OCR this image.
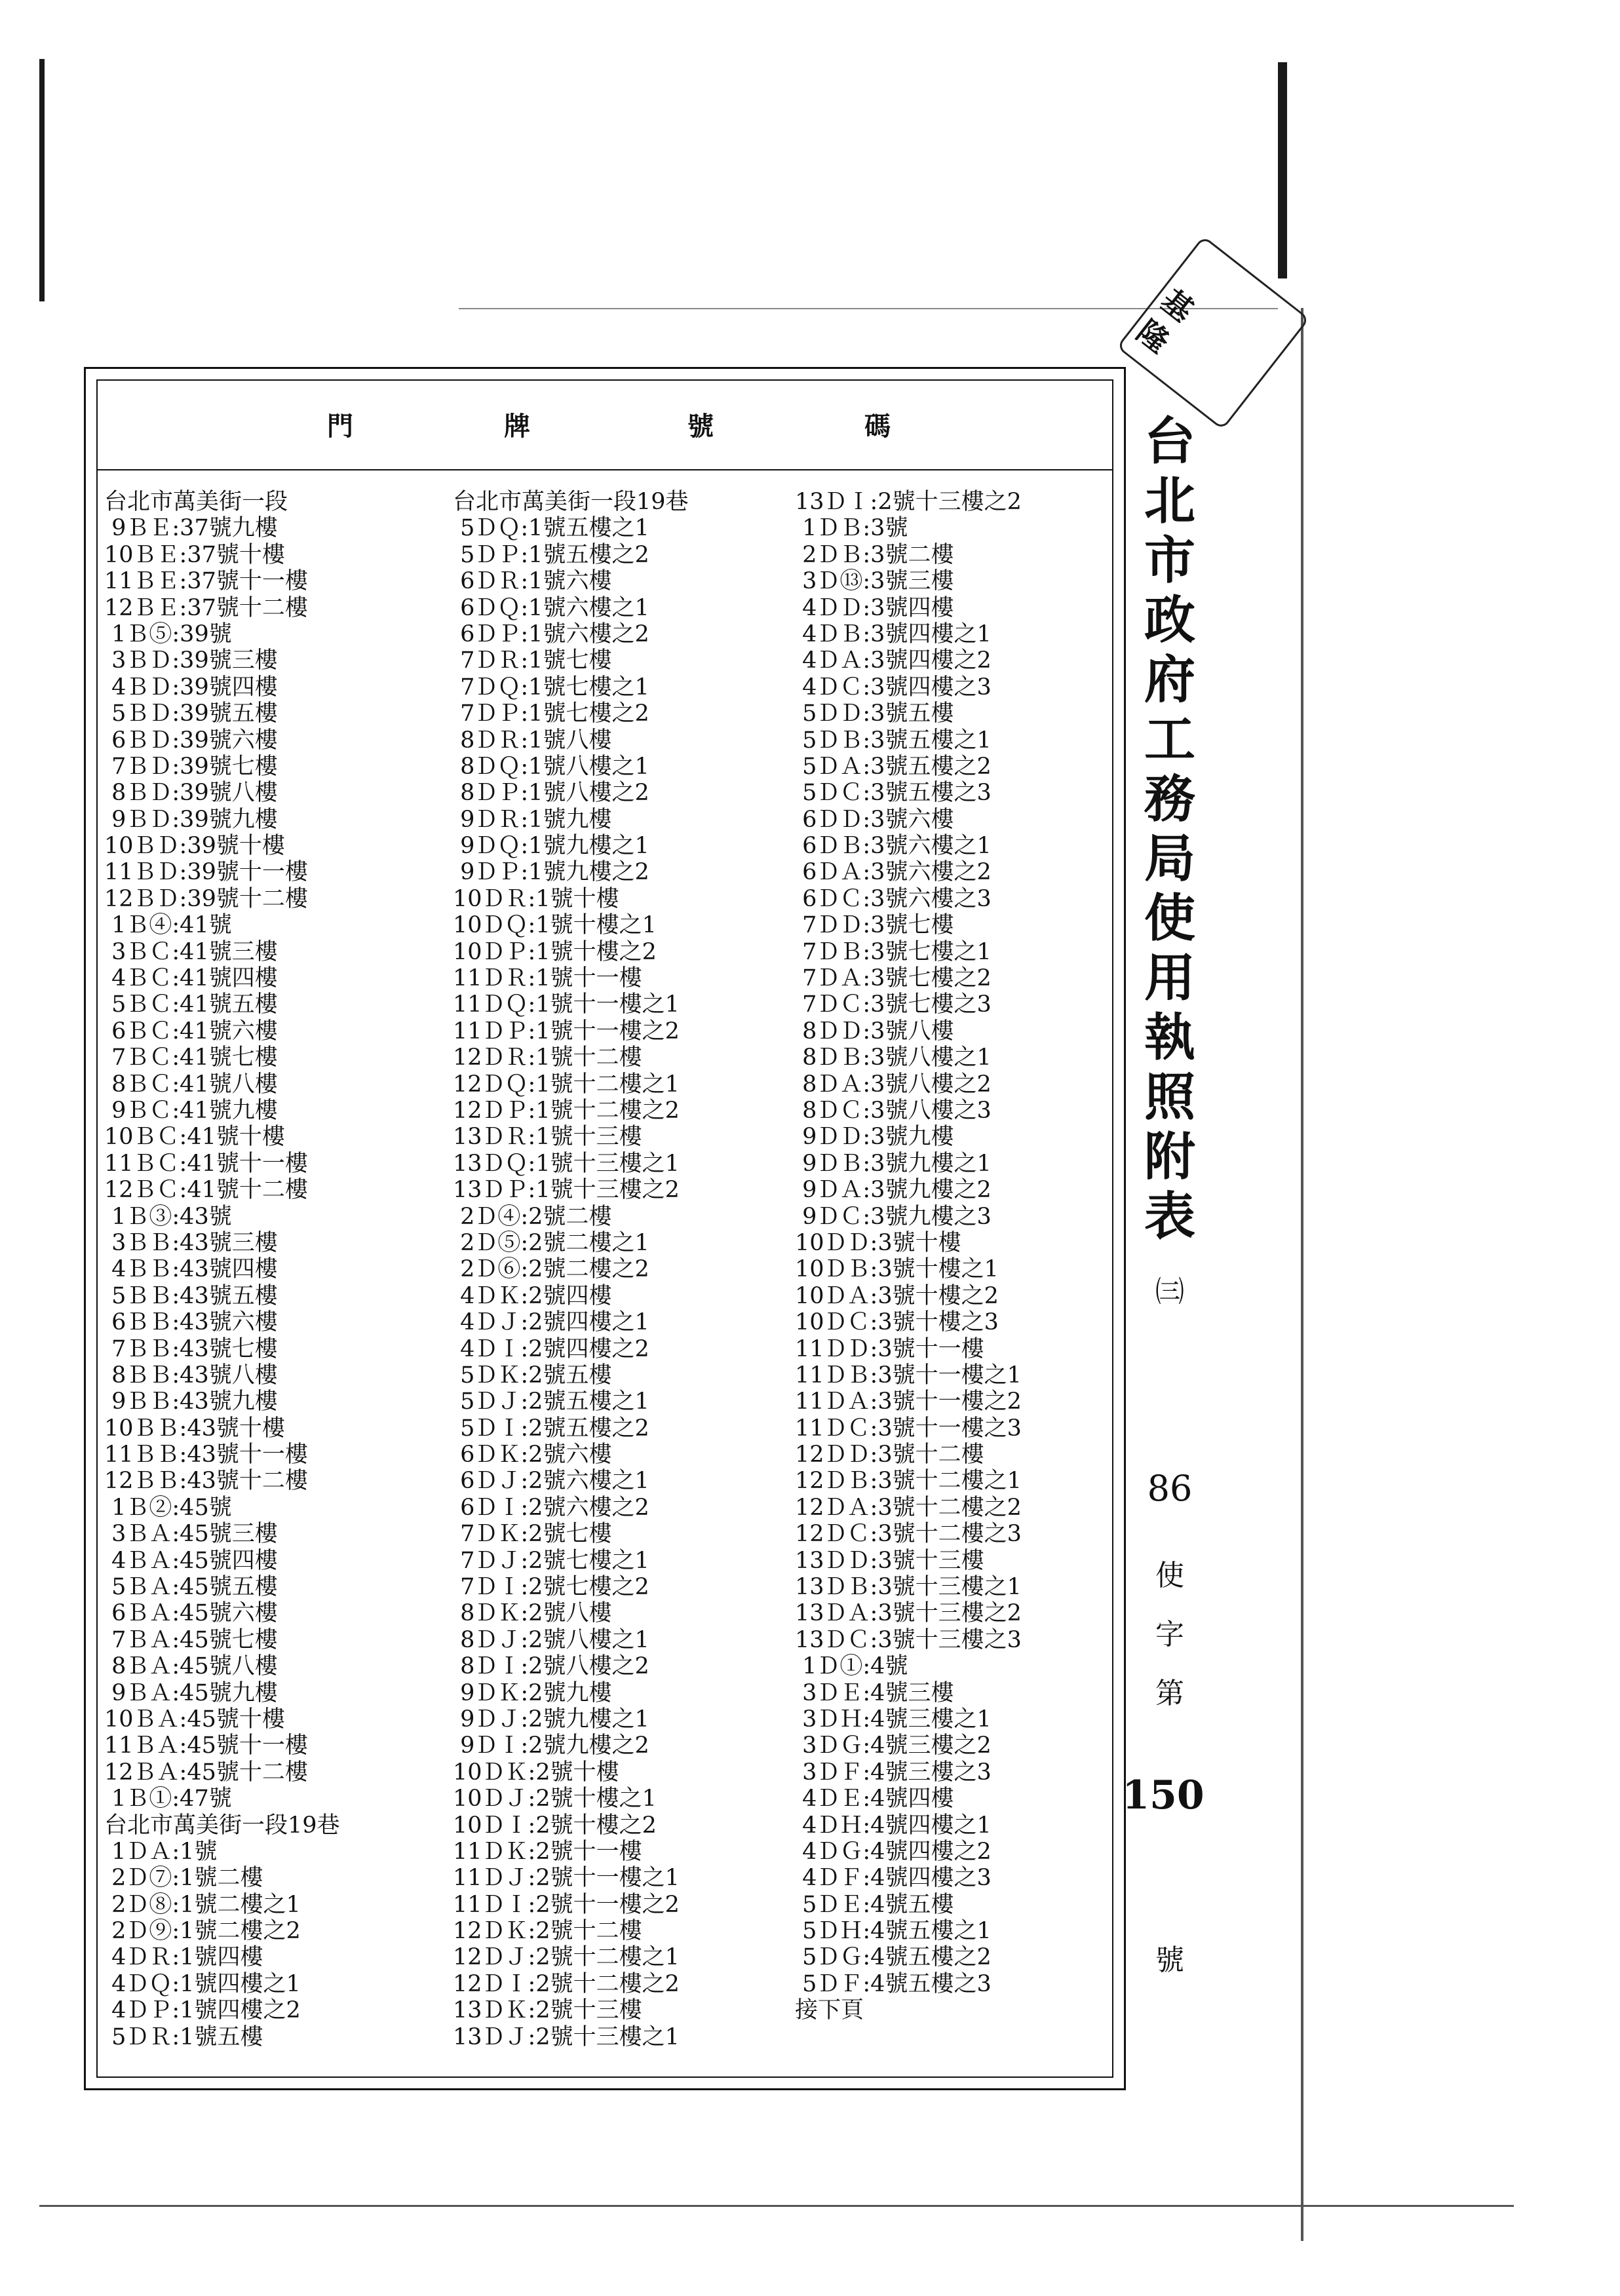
基
隆
門	牌	號	碼
台北市萬美街一段
9ＢＥ:37號九樓
10ＢＥ:37號十樓
11ＢＥ:37號十一樓
12ＢＥ:37號十二樓
1Ｂ⑤:39號
3ＢＤ:39號三樓
4ＢＤ:39號四樓
5ＢＤ:39號五樓
6ＢＤ:39號六樓
7ＢＤ:39號七樓
8ＢＤ:39號八樓
9ＢＤ:39號九樓
10ＢＤ:39號十樓
11ＢＤ:39號十一樓
12ＢＤ:39號十二樓
1Ｂ④:41號
3ＢＣ:41號三樓
4ＢＣ:41號四樓
5ＢＣ:41號五樓
6ＢＣ:41號六樓
7ＢＣ:41號七樓
8ＢＣ:41號八樓
9ＢＣ:41號九樓
10ＢＣ:41號十樓
11ＢＣ:41號十一樓
12ＢＣ:41號十二樓
1Ｂ③:43號
3ＢＢ:43號三樓
4ＢＢ:43號四樓
5ＢＢ:43號五樓
6ＢＢ:43號六樓
7ＢＢ:43號七樓
8ＢＢ:43號八樓
9ＢＢ:43號九樓
10ＢＢ:43號十樓
11ＢＢ:43號十一樓
12ＢＢ:43號十二樓
1Ｂ②:45號
3ＢＡ:45號三樓
4ＢＡ:45號四樓
5ＢＡ:45號五樓
6ＢＡ:45號六樓
7ＢＡ:45號七樓
8ＢＡ:45號八樓
9ＢＡ:45號九樓
10ＢＡ:45號十樓
11ＢＡ:45號十一樓
12ＢＡ:45號十二樓
1Ｂ①:47號
台北市萬美街一段19巷
1ＤＡ:1號
2Ｄ⑦:1號二樓
2Ｄ⑧:1號二樓之1
2Ｄ⑨:1號二樓之2
4ＤＲ:1號四樓
4ＤＱ:1號四樓之1
4ＤＰ:1號四樓之2
5ＤＲ:1號五樓
台北市萬美街一段19巷
5ＤＱ:1號五樓之1
5ＤＰ:1號五樓之2
6ＤＲ:1號六樓
6ＤＱ:1號六樓之1
6ＤＰ:1號六樓之2
7ＤＲ:1號七樓
7ＤＱ:1號七樓之1
7ＤＰ:1號七樓之2
8ＤＲ:1號八樓
8ＤＱ:1號八樓之1
8ＤＰ:1號八樓之2
9ＤＲ:1號九樓
9ＤＱ:1號九樓之1
9ＤＰ:1號九樓之2
10ＤＲ:1號十樓
10ＤＱ:1號十樓之1
10ＤＰ:1號十樓之2
11ＤＲ:1號十一樓
11ＤＱ:1號十一樓之1
11ＤＰ:1號十一樓之2
12ＤＲ:1號十二樓
12ＤＱ:1號十二樓之1
12ＤＰ:1號十二樓之2
13ＤＲ:1號十三樓
13ＤＱ:1號十三樓之1
13ＤＰ:1號十三樓之2
2Ｄ④:2號二樓
2Ｄ⑤:2號二樓之1
2Ｄ⑥:2號二樓之2
4ＤＫ:2號四樓
4ＤＪ:2號四樓之1
4ＤＩ:2號四樓之2
5ＤＫ:2號五樓
5ＤＪ:2號五樓之1
5ＤＩ:2號五樓之2
6ＤＫ:2號六樓
6ＤＪ:2號六樓之1
6ＤＩ:2號六樓之2
7ＤＫ:2號七樓
7ＤＪ:2號七樓之1
7ＤＩ:2號七樓之2
8ＤＫ:2號八樓
8ＤＪ:2號八樓之1
8ＤＩ:2號八樓之2
9ＤＫ:2號九樓
9ＤＪ:2號九樓之1
9ＤＩ:2號九樓之2
10ＤＫ:2號十樓
10ＤＪ:2號十樓之1
10ＤＩ:2號十樓之2
11ＤＫ:2號十一樓
11ＤＪ:2號十一樓之1
11ＤＩ:2號十一樓之2
12ＤＫ:2號十二樓
12ＤＪ:2號十二樓之1
12ＤＩ:2號十二樓之2
13ＤＫ:2號十三樓
13ＤＪ:2號十三樓之1
13ＤＩ:2號十三樓之2
1ＤＢ:3號
2ＤＢ:3號二樓
3Ｄ⑬:3號三樓
4ＤＤ:3號四樓
4ＤＢ:3號四樓之1
4ＤＡ:3號四樓之2
4ＤＣ:3號四樓之3
5ＤＤ:3號五樓
5ＤＢ:3號五樓之1
5ＤＡ:3號五樓之2
5ＤＣ:3號五樓之3
6ＤＤ:3號六樓
6ＤＢ:3號六樓之1
6ＤＡ:3號六樓之2
6ＤＣ:3號六樓之3
7ＤＤ:3號七樓
7ＤＢ:3號七樓之1
7ＤＡ:3號七樓之2
7ＤＣ:3號七樓之3
8ＤＤ:3號八樓
8ＤＢ:3號八樓之1
8ＤＡ:3號八樓之2
8ＤＣ:3號八樓之3
9ＤＤ:3號九樓
9ＤＢ:3號九樓之1
9ＤＡ:3號九樓之2
9ＤＣ:3號九樓之3
10ＤＤ:3號十樓
10ＤＢ:3號十樓之1
10ＤＡ:3號十樓之2
10ＤＣ:3號十樓之3
11ＤＤ:3號十一樓
11ＤＢ:3號十一樓之1
11ＤＡ:3號十一樓之2
11ＤＣ:3號十一樓之3
12ＤＤ:3號十二樓
12ＤＢ:3號十二樓之1
12ＤＡ:3號十二樓之2
12ＤＣ:3號十二樓之3
13ＤＤ:3號十三樓
13ＤＢ:3號十三樓之1
13ＤＡ:3號十三樓之2
13ＤＣ:3號十三樓之3
1Ｄ①:4號
3ＤＥ:4號三樓
3ＤＨ:4號三樓之1
3ＤＧ:4號三樓之2
3ＤＦ:4號三樓之3
4ＤＥ:4號四樓
4ＤＨ:4號四樓之1
4ＤＧ:4號四樓之2
4ＤＦ:4號四樓之3
5ＤＥ:4號五樓
5ＤＨ:4號五樓之1
5ＤＧ:4號五樓之2
5ＤＦ:4號五樓之3
接下頁
台
北
市
政
府
工
務
局
使
用
執
照
附
表
㈢
86
使
字
第
150
號
